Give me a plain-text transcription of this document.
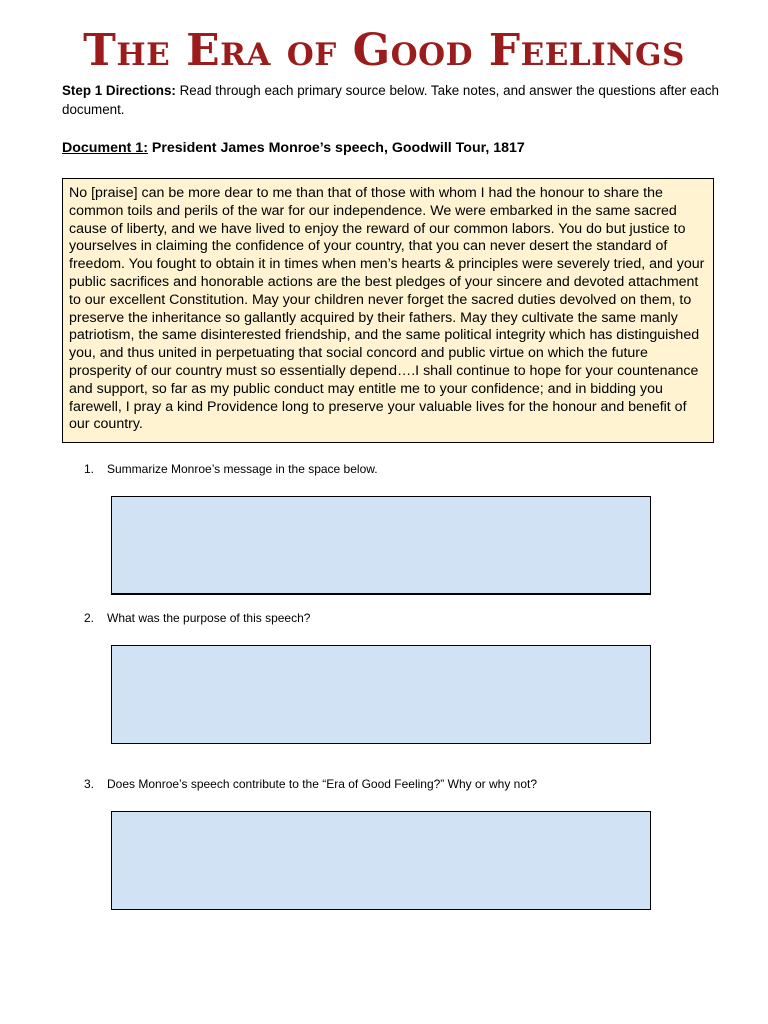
The Era of Good Feelings
Step 1 Directions: Read through each primary source below. Take notes, and answer the questions after each document.
Document 1: President James Monroe’s speech, Goodwill Tour, 1817
No [praise] can be more dear to me than that of those with whom I had the honour to share the common toils and perils of the war for our independence. We were embarked in the same sacred cause of liberty, and we have lived to enjoy the reward of our common labors. You do but justice to yourselves in claiming the confidence of your country, that you can never desert the standard of freedom. You fought to obtain it in times when men’s hearts & principles were severely tried, and your public sacrifices and honorable actions are the best pledges of your sincere and devoted attachment to our excellent Constitution. May your children never forget the sacred duties devolved on them, to preserve the inheritance so gallantly acquired by their fathers. May they cultivate the same manly patriotism, the same disinterested friendship, and the same political integrity which has distinguished you, and thus united in perpetuating that social concord and public virtue on which the future prosperity of our country must so essentially depend….I shall continue to hope for your countenance and support, so far as my public conduct may entitle me to your confidence; and in bidding you farewell, I pray a kind Providence long to preserve your valuable lives for the honour and benefit of our country.
1. Summarize Monroe’s message in the space below.
2. What was the purpose of this speech?
3. Does Monroe’s speech contribute to the “Era of Good Feeling?” Why or why not?
